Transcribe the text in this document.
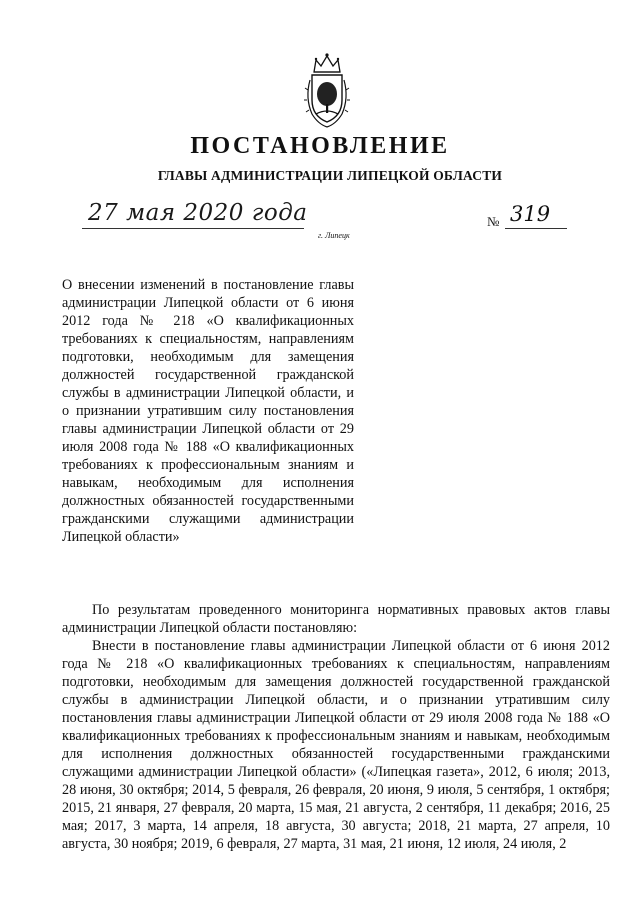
ПОСТАНОВЛЕНИЕ
ГЛАВЫ АДМИНИСТРАЦИИ ЛИПЕЦКОЙ ОБЛАСТИ
27 мая 2020 года
г. Липецк
№ 319

О внесении изменений в постановление главы администрации Липецкой области от 6 июня 2012 года № 218 «О квалификационных требованиях к специальностям, направлениям подготовки, необходимым для замещения должностей государственной гражданской службы в администрации Липецкой области, и о признании утратившим силу постановления главы администрации Липецкой области от 29 июля 2008 года № 188 «О квалификационных требованиях к профессиональным знаниям и навыкам, необходимым для исполнения должностных обязанностей государственными гражданскими служащими администрации Липецкой области»

По результатам проведенного мониторинга нормативных правовых актов главы администрации Липецкой области постановляю:

Внести в постановление главы администрации Липецкой области от 6 июня 2012 года № 218 «О квалификационных требованиях к специальностям, направлениям подготовки, необходимым для замещения должностей государственной гражданской службы в администрации Липецкой области, и о признании утратившим силу постановления главы администрации Липецкой области от 29 июля 2008 года № 188 «О квалификационных требованиях к профессиональным знаниям и навыкам, необходимым для исполнения должностных обязанностей государственными гражданскими служащими администрации Липецкой области» («Липецкая газета», 2012, 6 июля; 2013, 28 июня, 30 октября; 2014, 5 февраля, 26 февраля, 20 июня, 9 июля, 5 сентября, 1 октября; 2015, 21 января, 27 февраля, 20 марта, 15 мая, 21 августа, 2 сентября, 11 декабря; 2016, 25 мая; 2017, 3 марта, 14 апреля, 18 августа, 30 августа; 2018, 21 марта, 27 апреля, 10 августа, 30 ноября; 2019, 6 февраля, 27 марта, 31 мая, 21 июня, 12 июля, 24 июля, 2
